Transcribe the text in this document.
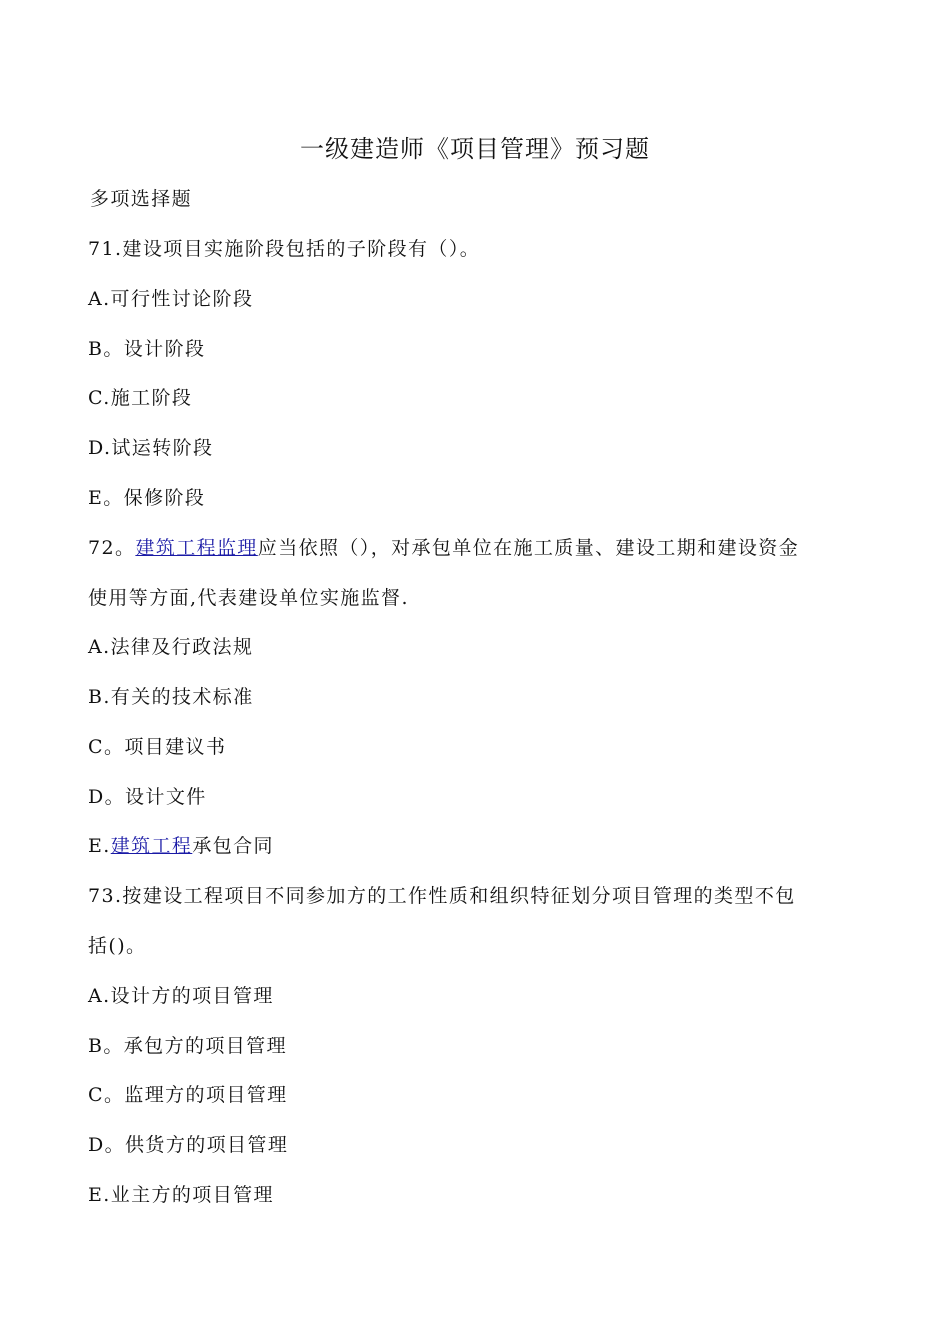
一级建造师《项目管理》预习题
多项选择题
71.建设项目实施阶段包括的子阶段有（）。
A.可行性讨论阶段
B。设计阶段
C.施工阶段
D.试运转阶段
E。保修阶段
72。建筑工程监理应当依照（），对承包单位在施工质量、建设工期和建设资金
使用等方面,代表建设单位实施监督.
A.法律及行政法规
B.有关的技术标准
C。项目建议书
D。设计文件
E.建筑工程承包合同
73.按建设工程项目不同参加方的工作性质和组织特征划分项目管理的类型不包
括()。
A.设计方的项目管理
B。承包方的项目管理
C。监理方的项目管理
D。供货方的项目管理
E.业主方的项目管理
